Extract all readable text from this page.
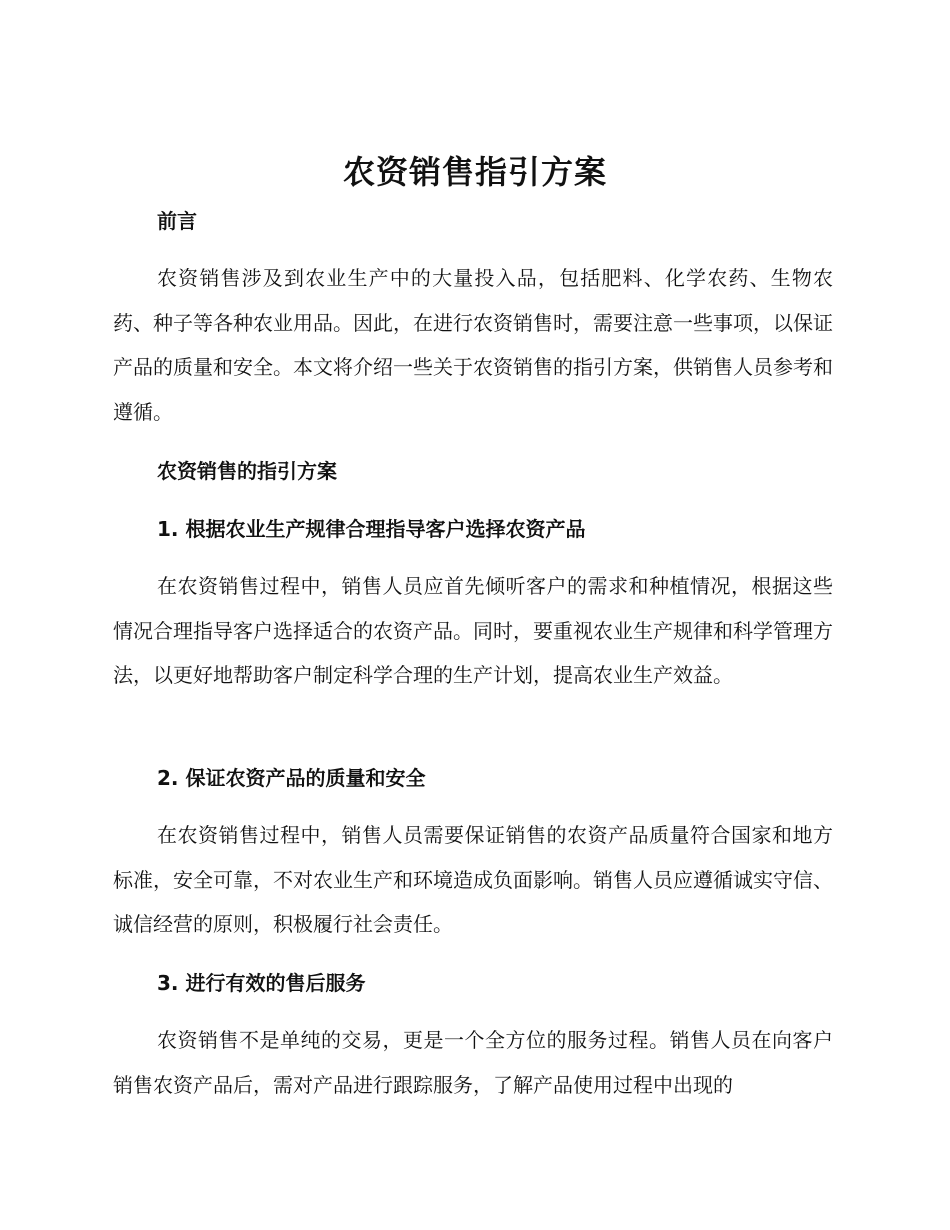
农资销售指引方案
前言

农资销售涉及到农业生产中的大量投入品，包括肥料、化学农药、生物农药、种子等各种农业用品。因此，在进行农资销售时，需要注意一些事项，以保证产品的质量和安全。本文将介绍一些关于农资销售的指引方案，供销售人员参考和遵循。

农资销售的指引方案
1. 根据农业生产规律合理指导客户选择农资产品

在农资销售过程中，销售人员应首先倾听客户的需求和种植情况，根据这些情况合理指导客户选择适合的农资产品。同时，要重视农业生产规律和科学管理方法，以更好地帮助客户制定科学合理的生产计划，提高农业生产效益。

2. 保证农资产品的质量和安全

在农资销售过程中，销售人员需要保证销售的农资产品质量符合国家和地方标准，安全可靠，不对农业生产和环境造成负面影响。销售人员应遵循诚实守信、诚信经营的原则，积极履行社会责任。

3. 进行有效的售后服务

农资销售不是单纯的交易，更是一个全方位的服务过程。销售人员在向客户销售农资产品后，需对产品进行跟踪服务，了解产品使用过程中出现的
